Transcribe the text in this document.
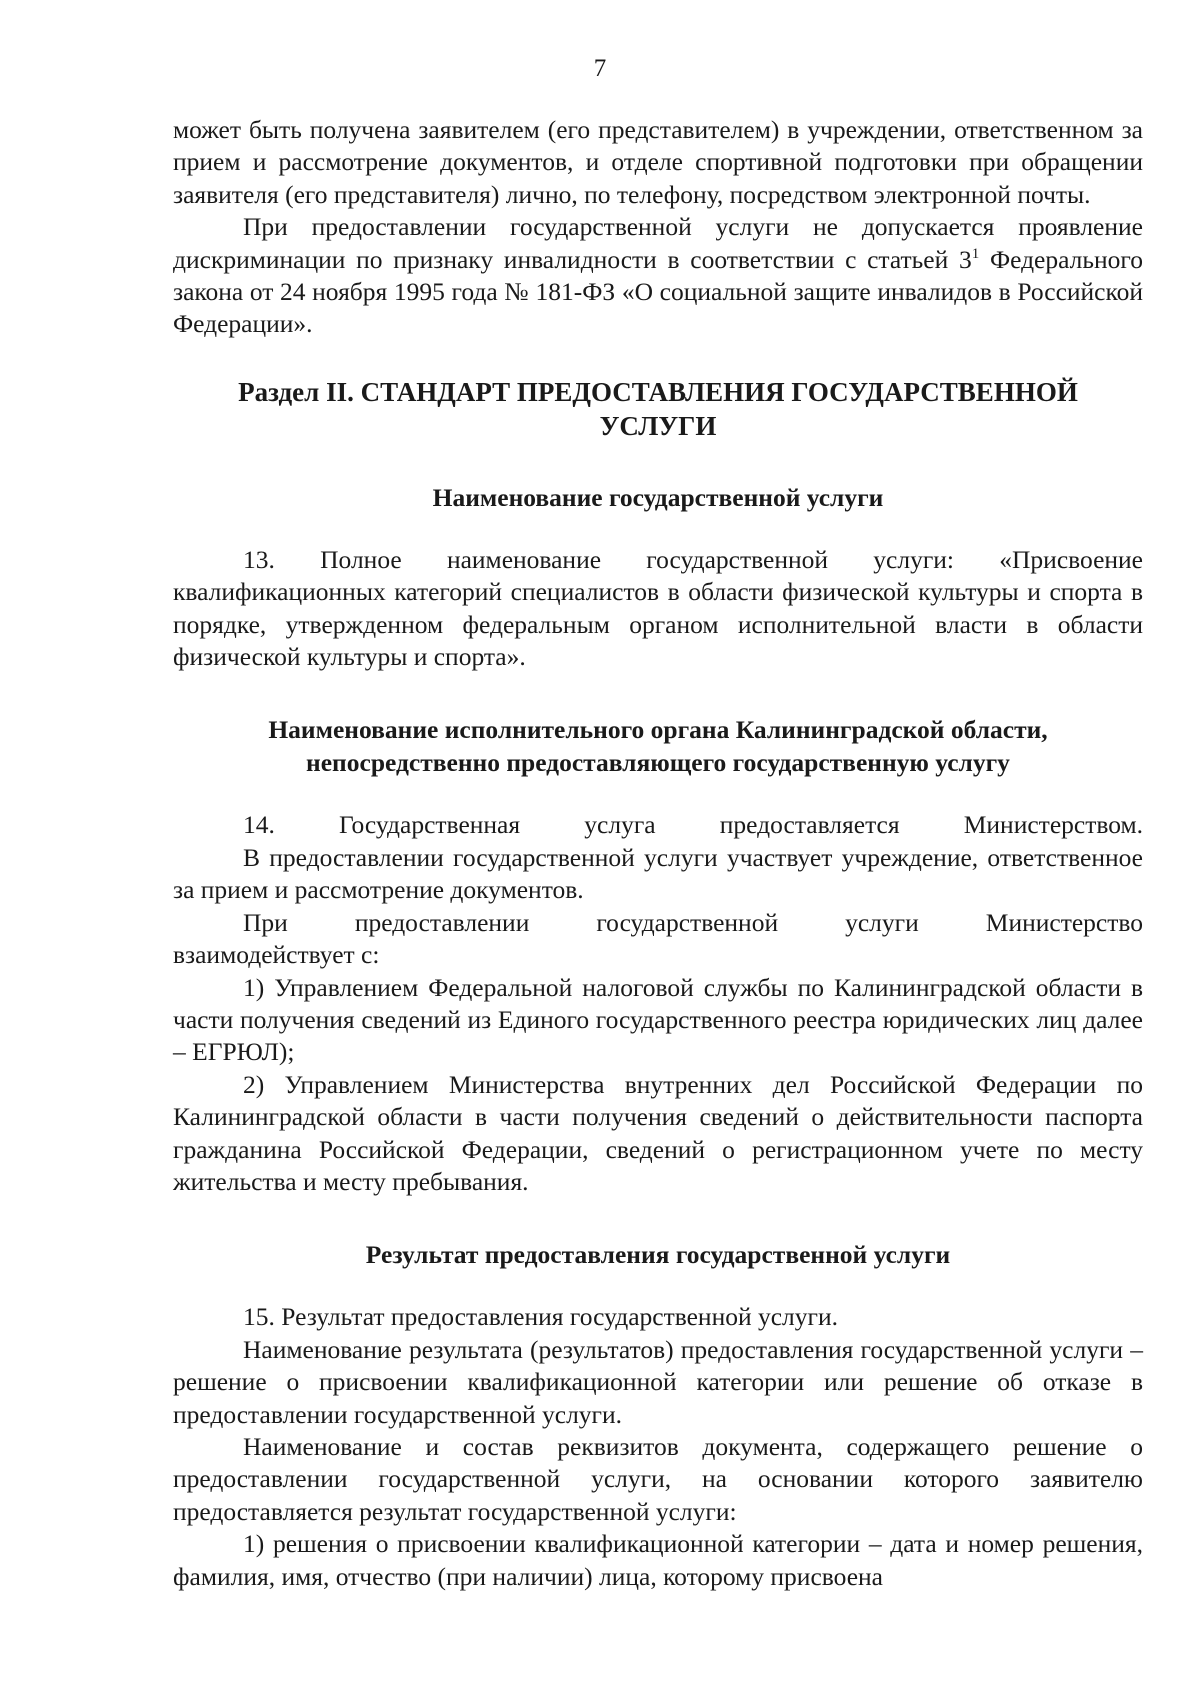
7

может быть получена заявителем (его представителем) в учреждении, ответственном за прием и рассмотрение документов, и отделе спортивной подготовки при обращении заявителя (его представителя) лично, по телефону, посредством электронной почты.

При предоставлении государственной услуги не допускается проявление дискриминации по признаку инвалидности в соответствии с статьей $3^1$ Федерального закона от 24 ноября 1995 года № 181-ФЗ «О социальной защите инвалидов в Российской Федерации».

Раздел II. СТАНДАРТ ПРЕДОСТАВЛЕНИЯ ГОСУДАРСТВЕННОЙ
УСЛУГИ
Наименование государственной услуги

13. Полное наименование государственной услуги: «Присвоение

квалификационных категорий специалистов в области физической культуры и спорта в порядке, утвержденном федеральным органом исполнительной власти в области физической культуры и спорта».

Наименование исполнительного органа Калининградской области,
непосредственно предоставляющего государственную услугу

14. Государственная услуга предоставляется Министерством.

В предоставлении государственной услуги участвует учреждение, ответственное за прием и рассмотрение документов.

При предоставлении государственной услуги Министерство

взаимодействует с:

1) Управлением Федеральной налоговой службы по Калининградской области в части получения сведений из Единого государственного реестра юридических лиц далее – ЕГРЮЛ);

2) Управлением Министерства внутренних дел Российской Федерации по Калининградской области в части получения сведений о действительности паспорта гражданина Российской Федерации, сведений о регистрационном учете по месту жительства и месту пребывания.

Результат предоставления государственной услуги

15. Результат предоставления государственной услуги.

Наименование результата (результатов) предоставления государственной услуги – решение о присвоении квалификационной категории или решение об отказе в предоставлении государственной услуги.

Наименование и состав реквизитов документа, содержащего решение о предоставлении государственной услуги, на основании которого заявителю предоставляется результат государственной услуги:

1) решения о присвоении квалификационной категории – дата и номер решения, фамилия, имя, отчество (при наличии) лица, которому присвоена
